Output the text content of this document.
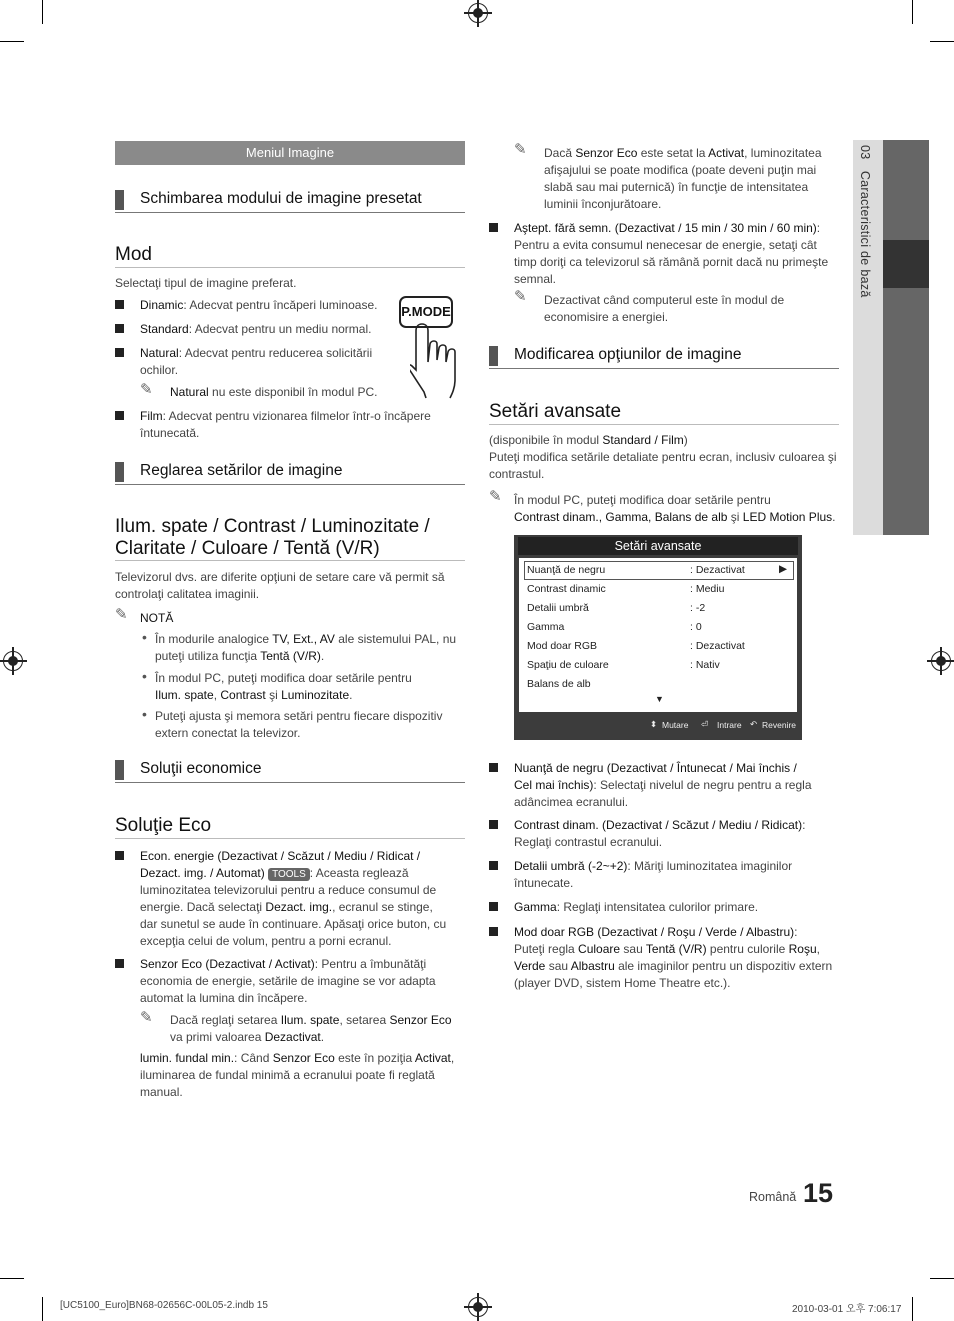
03   Caracteristici de bază
Meniul Imagine
Schimbarea modului de imagine presetat
Mod
Selectaţi tipul de imagine preferat.
Dinamic: Adecvat pentru încăperi luminoase.
Standard: Adecvat pentru un mediu normal.
Natural: Adecvat pentru reducerea solicitării
ochilor.
✎ Natural nu este disponibil în modul PC.
Film: Adecvat pentru vizionarea filmelor într-o încăpere
întunecată.
P.MODE
Reglarea setărilor de imagine
Ilum. spate / Contrast / Luminozitate /
Claritate / Culoare / Tentă (V/R)
Televizorul dvs. are diferite opţiuni de setare care vă permit să
controlaţi calitatea imaginii.
✎ NOTĂ
• În modurile analogice TV, Ext., AV ale sistemului PAL, nu
puteţi utiliza funcţia Tentă (V/R).
• În modul PC, puteţi modifica doar setările pentru
Ilum. spate, Contrast şi Luminozitate.
• Puteţi ajusta şi memora setări pentru fiecare dispozitiv
extern conectat la televizor.
Soluţii economice
Soluţie Eco
Econ. energie (Dezactivat / Scăzut / Mediu / Ridicat /
Dezact. img. / Automat) TOOLS : Aceasta reglează
luminozitatea televizorului pentru a reduce consumul de
energie. Dacă selectaţi Dezact. img., ecranul se stinge,
dar sunetul se aude în continuare. Apăsaţi orice buton, cu
excepţia celui de volum, pentru a porni ecranul.
Senzor Eco (Dezactivat / Activat): Pentru a îmbunătăţi
economia de energie, setările de imagine se vor adapta
automat la lumina din încăpere.
✎ Dacă reglaţi setarea Ilum. spate, setarea Senzor Eco
va primi valoarea Dezactivat.
lumin. fundal min.: Când Senzor Eco este în poziţia Activat,
iluminarea de fundal minimă a ecranului poate fi reglată
manual.
✎ Dacă Senzor Eco este setat la Activat, luminozitatea
afişajului se poate modifica (poate deveni puţin mai
slabă sau mai puternică) în funcţie de intensitatea
luminii înconjurătoare.
Aştept. fără semn. (Dezactivat / 15 min / 30 min / 60 min):
Pentru a evita consumul nenecesar de energie, setaţi cât
timp doriţi ca televizorul să rămână pornit dacă nu primeşte
semnal.
✎ Dezactivat când computerul este în modul de
economisire a energiei.
Modificarea opţiunilor de imagine
Setări avansate
(disponibile în modul Standard / Film)
Puteţi modifica setările detaliate pentru ecran, inclusiv culoarea şi
contrastul.
✎ În modul PC, puteţi modifica doar setările pentru
Contrast dinam., Gamma, Balans de alb şi LED Motion Plus.
Setări avansate
Nuanţă de negru	: Dezactivat	▶
Contrast dinamic	: Mediu
Detalii umbră	: -2
Gamma	: 0
Mod doar RGB	: Dezactivat
Spaţiu de culoare	: Nativ
Balans de alb
▼
⬍ Mutare ⏎ Intrare ↶ Revenire
Nuanţă de negru (Dezactivat / Întunecat / Mai închis /
Cel mai închis): Selectaţi nivelul de negru pentru a regla
adâncimea ecranului.
Contrast dinam. (Dezactivat / Scăzut / Mediu / Ridicat):
Reglaţi contrastul ecranului.
Detalii umbră (-2~+2): Măriţi luminozitatea imaginilor
întunecate.
Gamma: Reglaţi intensitatea culorilor primare.
Mod doar RGB (Dezactivat / Roşu / Verde / Albastru):
Puteţi regla Culoare sau Tentă (V/R) pentru culorile Roşu,
Verde sau Albastru ale imaginilor pentru un dispozitiv extern
(player DVD, sistem Home Theatre etc.).
Română 15
[UC5100_Euro]BN68-02656C-00L05-2.indb 15	2010-03-01 오후 7:06:17
